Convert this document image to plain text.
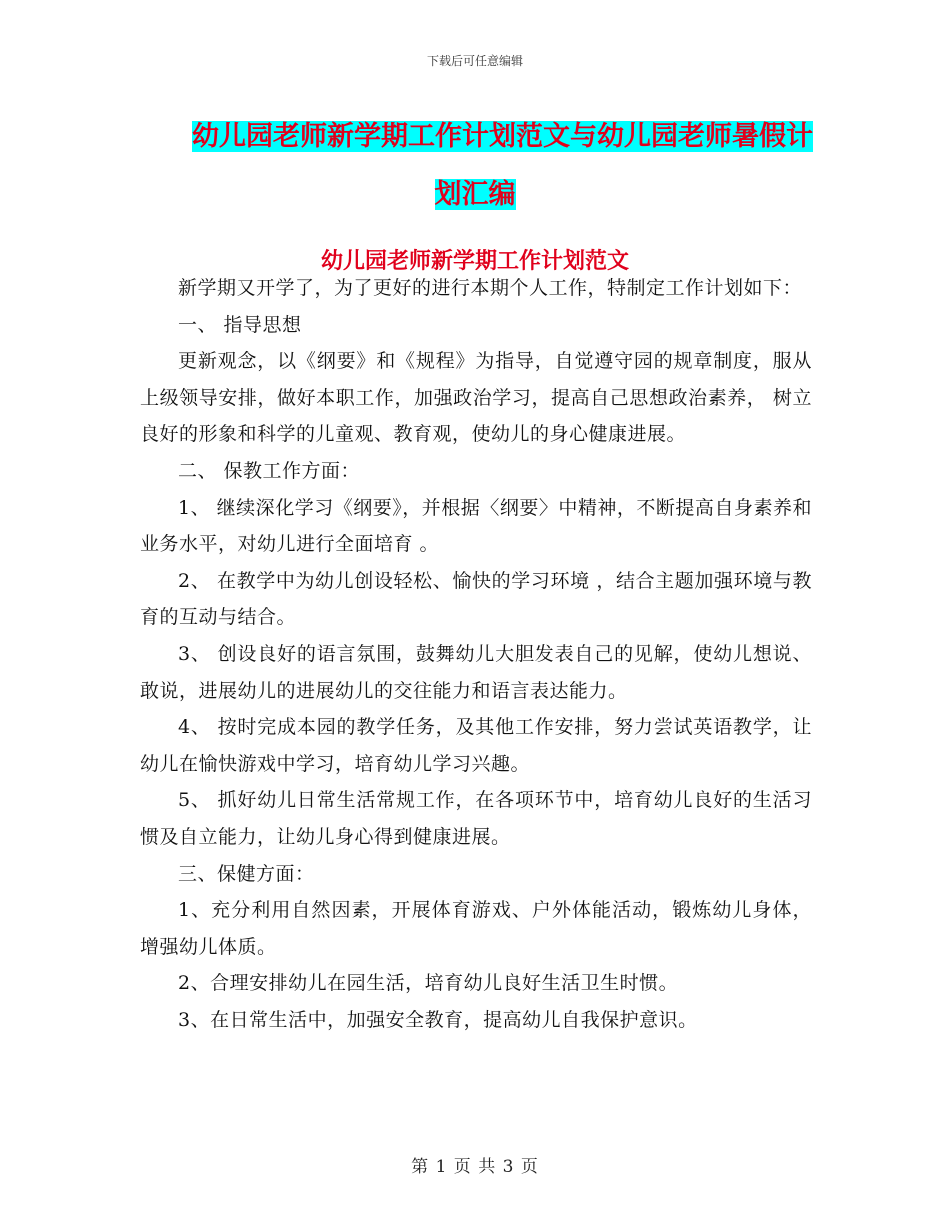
下载后可任意编辑
幼儿园老师新学期工作计划范文与幼儿园老师暑假计
划汇编
幼儿园老师新学期工作计划范文

新学期又开学了，为了更好的进行本期个人工作，特制定工作计划如下：

一、 指导思想

更新观念，以《纲要》和《规程》为指导，自觉遵守园的规章制度，服从上级领导安排，做好本职工作，加强政治学习，提高自己思想政治素养， 树立良好的形象和科学的儿童观、教育观，使幼儿的身心健康进展。

二、 保教工作方面：

1、 继续深化学习《纲要》，并根据〈纲要〉中精神，不断提高自身素养和业务水平，对幼儿进行全面培育 。

2、 在教学中为幼儿创设轻松、愉快的学习环境 ，结合主题加强环境与教育的互动与结合。

3、 创设良好的语言氛围，鼓舞幼儿大胆发表自己的见解，使幼儿想说、敢说，进展幼儿的进展幼儿的交往能力和语言表达能力。

4、 按时完成本园的教学任务，及其他工作安排，努力尝试英语教学，让幼儿在愉快游戏中学习，培育幼儿学习兴趣。

5、 抓好幼儿日常生活常规工作，在各项环节中，培育幼儿良好的生活习惯及自立能力，让幼儿身心得到健康进展。

三、保健方面：

1、充分利用自然因素，开展体育游戏、户外体能活动，锻炼幼儿身体，增强幼儿体质。

2、合理安排幼儿在园生活，培育幼儿良好生活卫生时惯。

3、在日常生活中，加强安全教育，提高幼儿自我保护意识。

第 1 页 共 3 页
